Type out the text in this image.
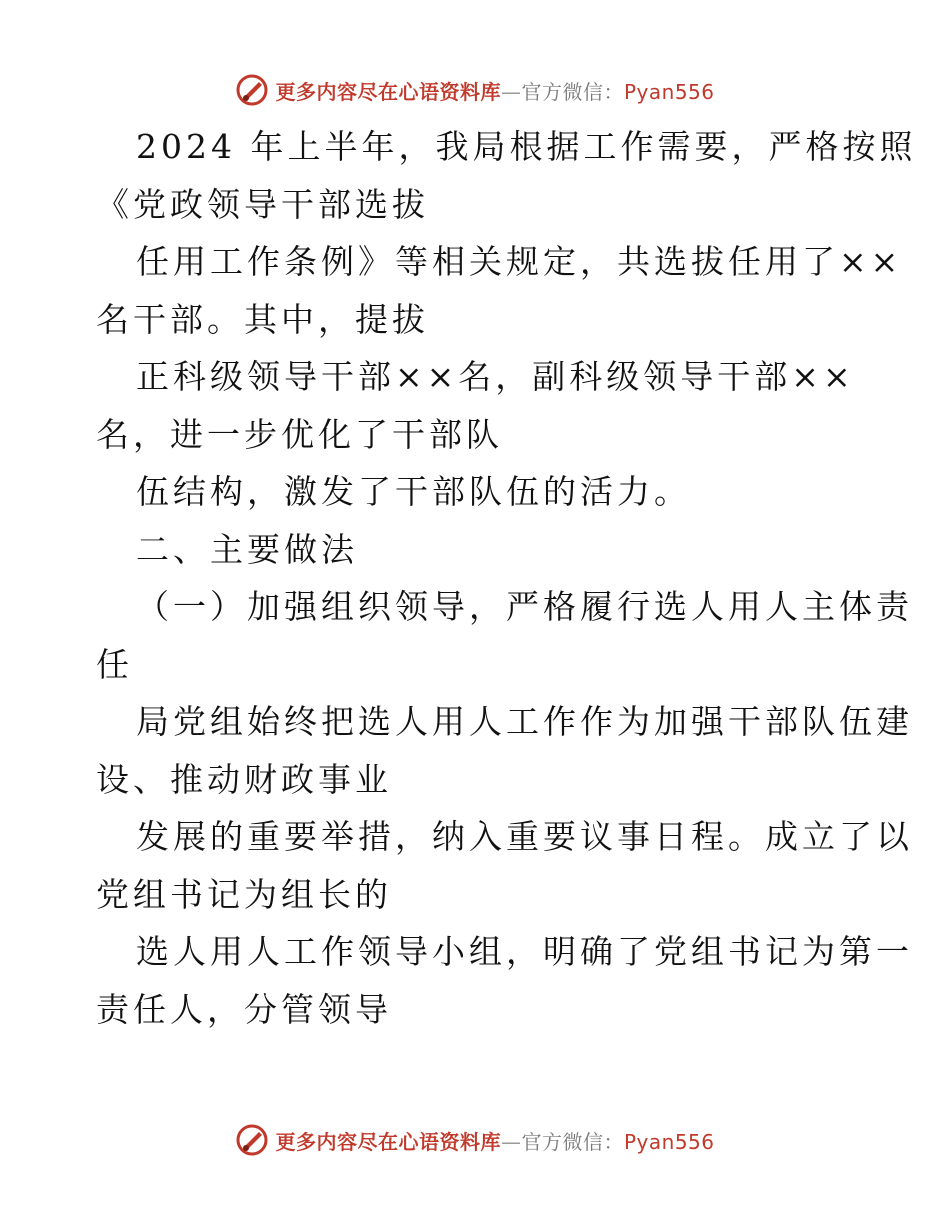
更多内容尽在心语资料库—官方微信：Pyan556

2024 年上半年，我局根据工作需要，严格按照

《党政领导干部选拔

任用工作条例》等相关规定，共选拔任用了××

名干部。其中，提拔

正科级领导干部××名，副科级领导干部××

名，进一步优化了干部队

伍结构，激发了干部队伍的活力。

二、主要做法

（一）加强组织领导，严格履行选人用人主体责

任

局党组始终把选人用人工作作为加强干部队伍建

设、推动财政事业

发展的重要举措，纳入重要议事日程。成立了以

党组书记为组长的

选人用人工作领导小组，明确了党组书记为第一

责任人，分管领导

更多内容尽在心语资料库—官方微信：Pyan556
